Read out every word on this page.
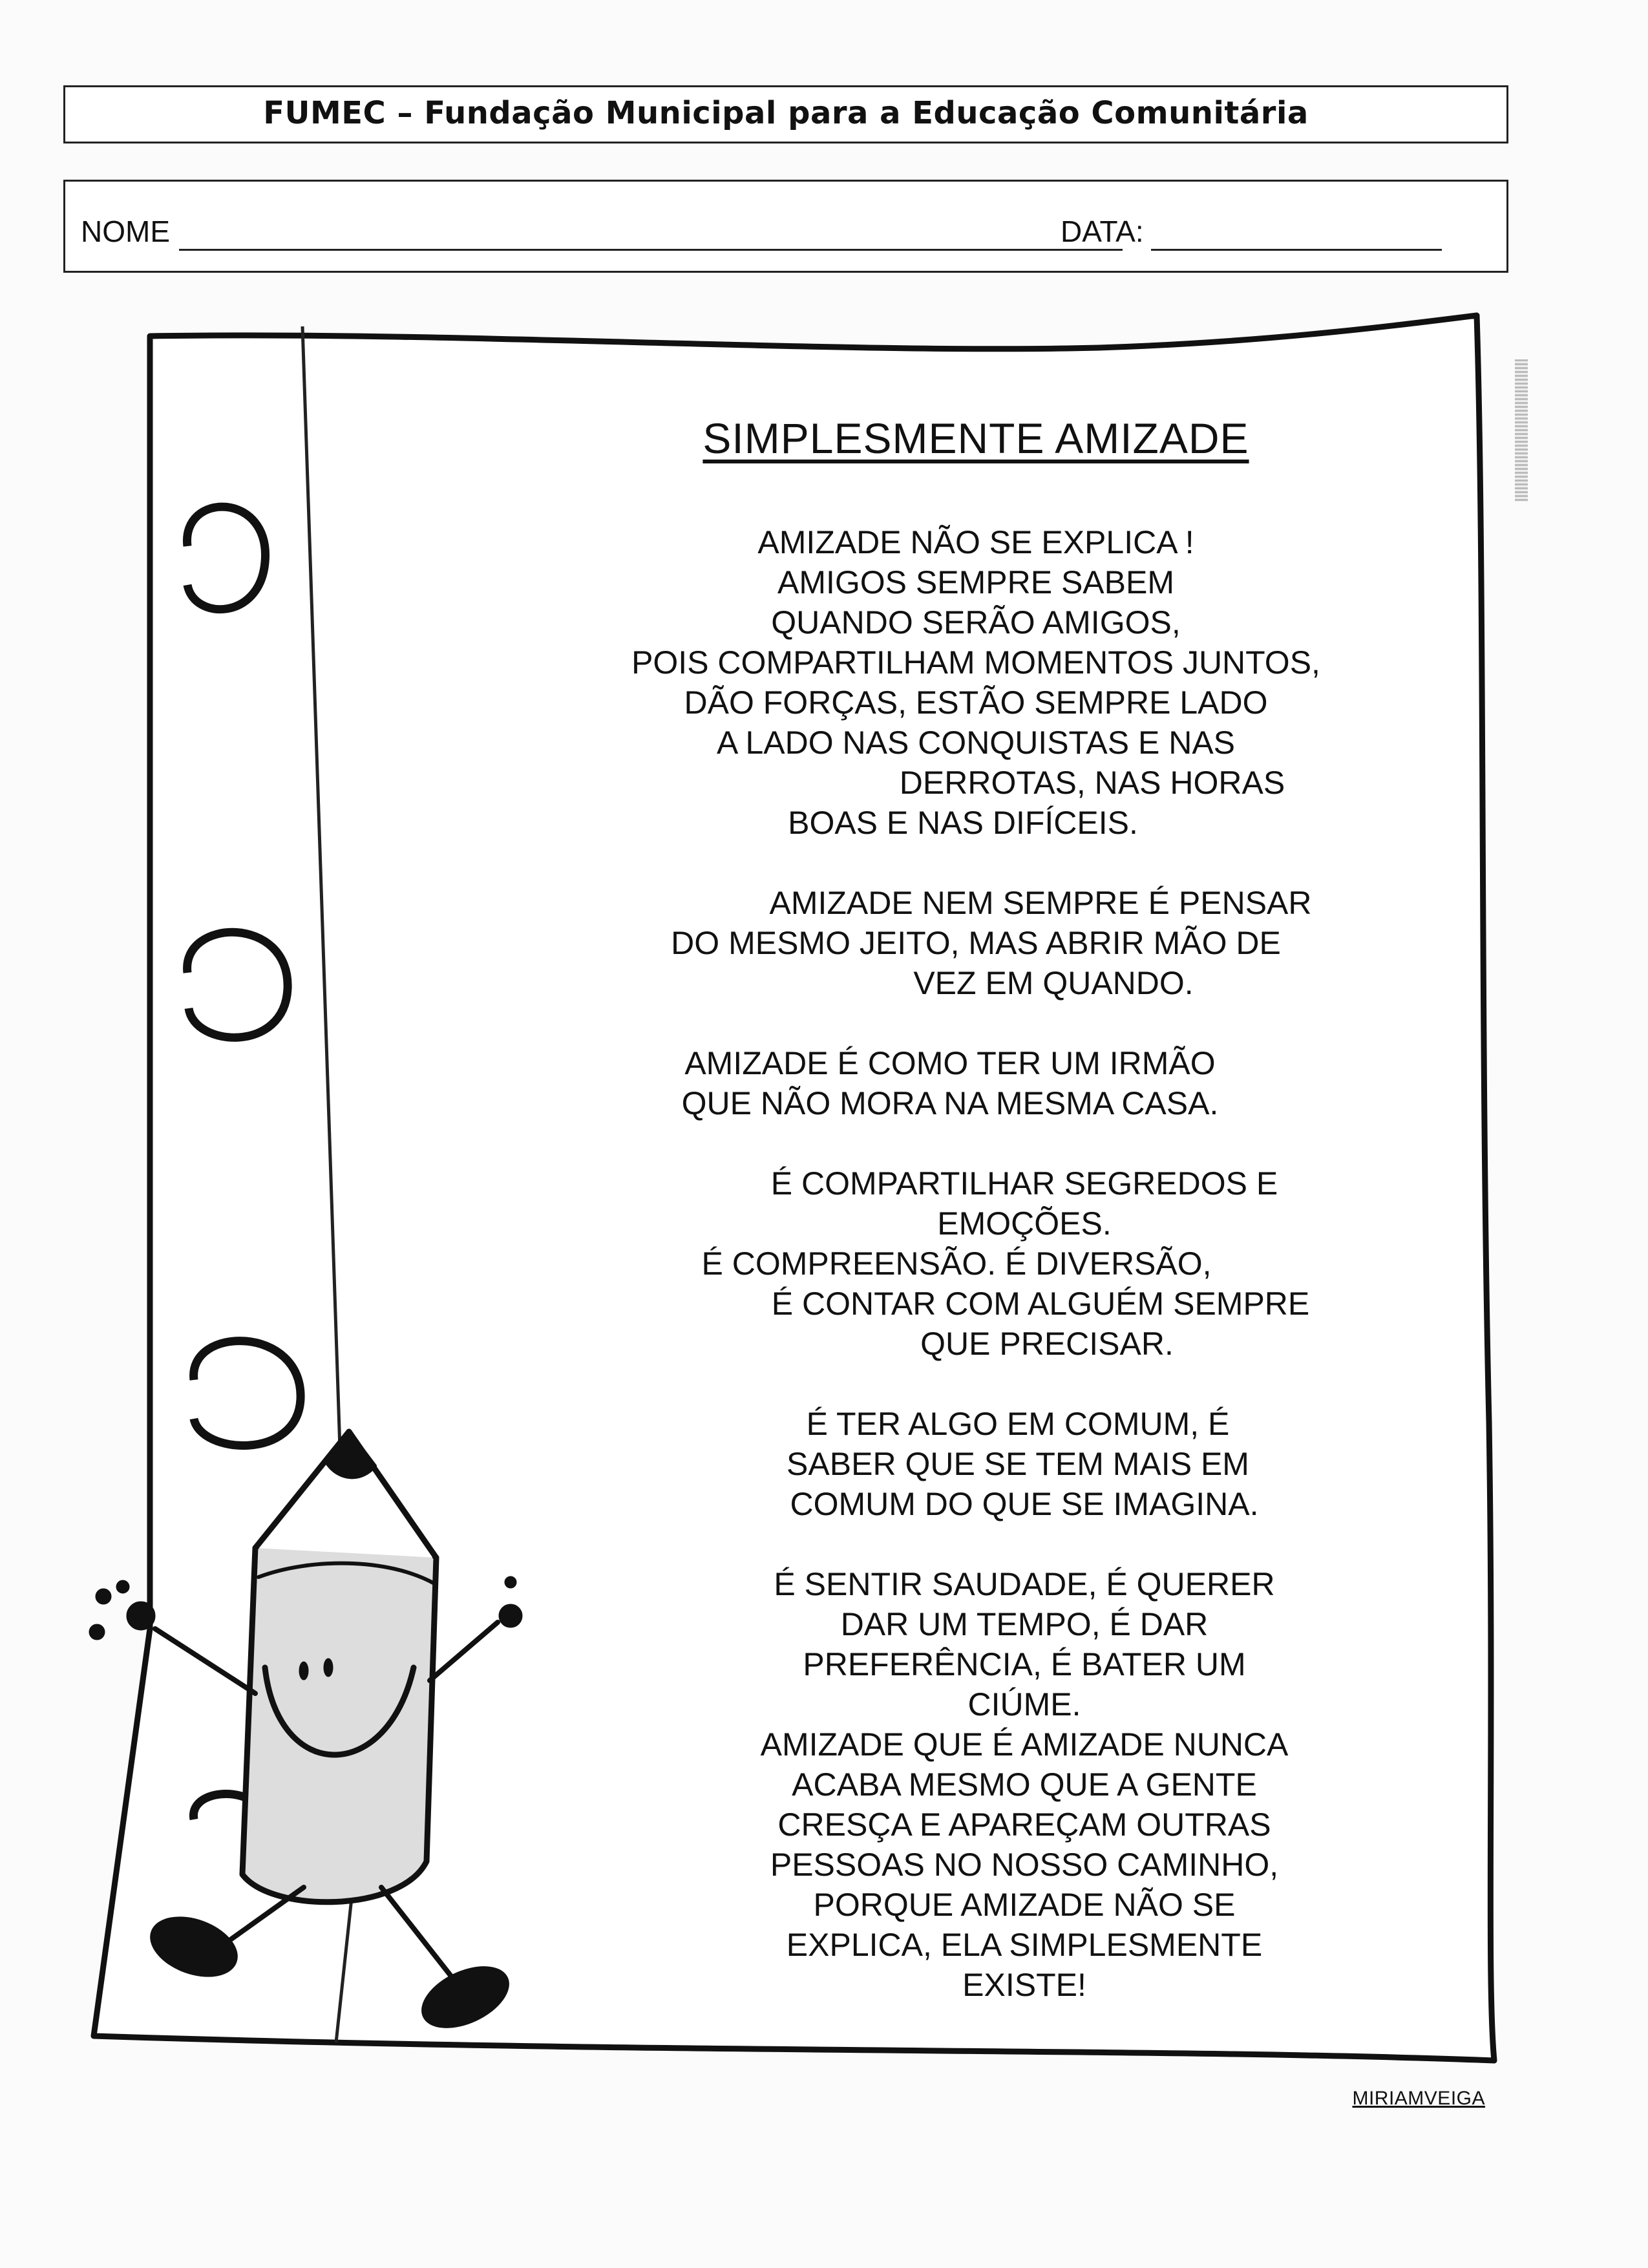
FUMEC – Fundação Municipal para a Educação Comunitária
NOME	DATA:
SIMPLESMENTE AMIZADE
AMIZADE NÃO SE EXPLICA !
AMIGOS SEMPRE SABEM
QUANDO SERÃO AMIGOS,
POIS COMPARTILHAM MOMENTOS JUNTOS,
DÃO FORÇAS, ESTÃO SEMPRE LADO
A LADO NAS CONQUISTAS E NAS
DERROTAS, NAS HORAS
BOAS E NAS DIFÍCEIS.
AMIZADE NEM SEMPRE É PENSAR
DO MESMO JEITO, MAS ABRIR MÃO DE
VEZ EM QUANDO.
AMIZADE É COMO TER UM IRMÃO
QUE NÃO MORA NA MESMA CASA.
É COMPARTILHAR SEGREDOS E
EMOÇÕES.
É COMPREENSÃO. É DIVERSÃO,
É CONTAR COM ALGUÉM SEMPRE
QUE PRECISAR.
É TER ALGO EM COMUM, É
SABER QUE SE TEM MAIS EM
COMUM DO QUE SE IMAGINA.
É SENTIR SAUDADE, É QUERER
DAR UM TEMPO, É DAR
PREFERÊNCIA, É BATER UM
CIÚME.
AMIZADE QUE É AMIZADE NUNCA
ACABA MESMO QUE A GENTE
CRESÇA E APAREÇAM OUTRAS
PESSOAS NO NOSSO CAMINHO,
PORQUE AMIZADE NÃO SE
EXPLICA, ELA SIMPLESMENTE
EXISTE!
MIRIAMVEIGA
